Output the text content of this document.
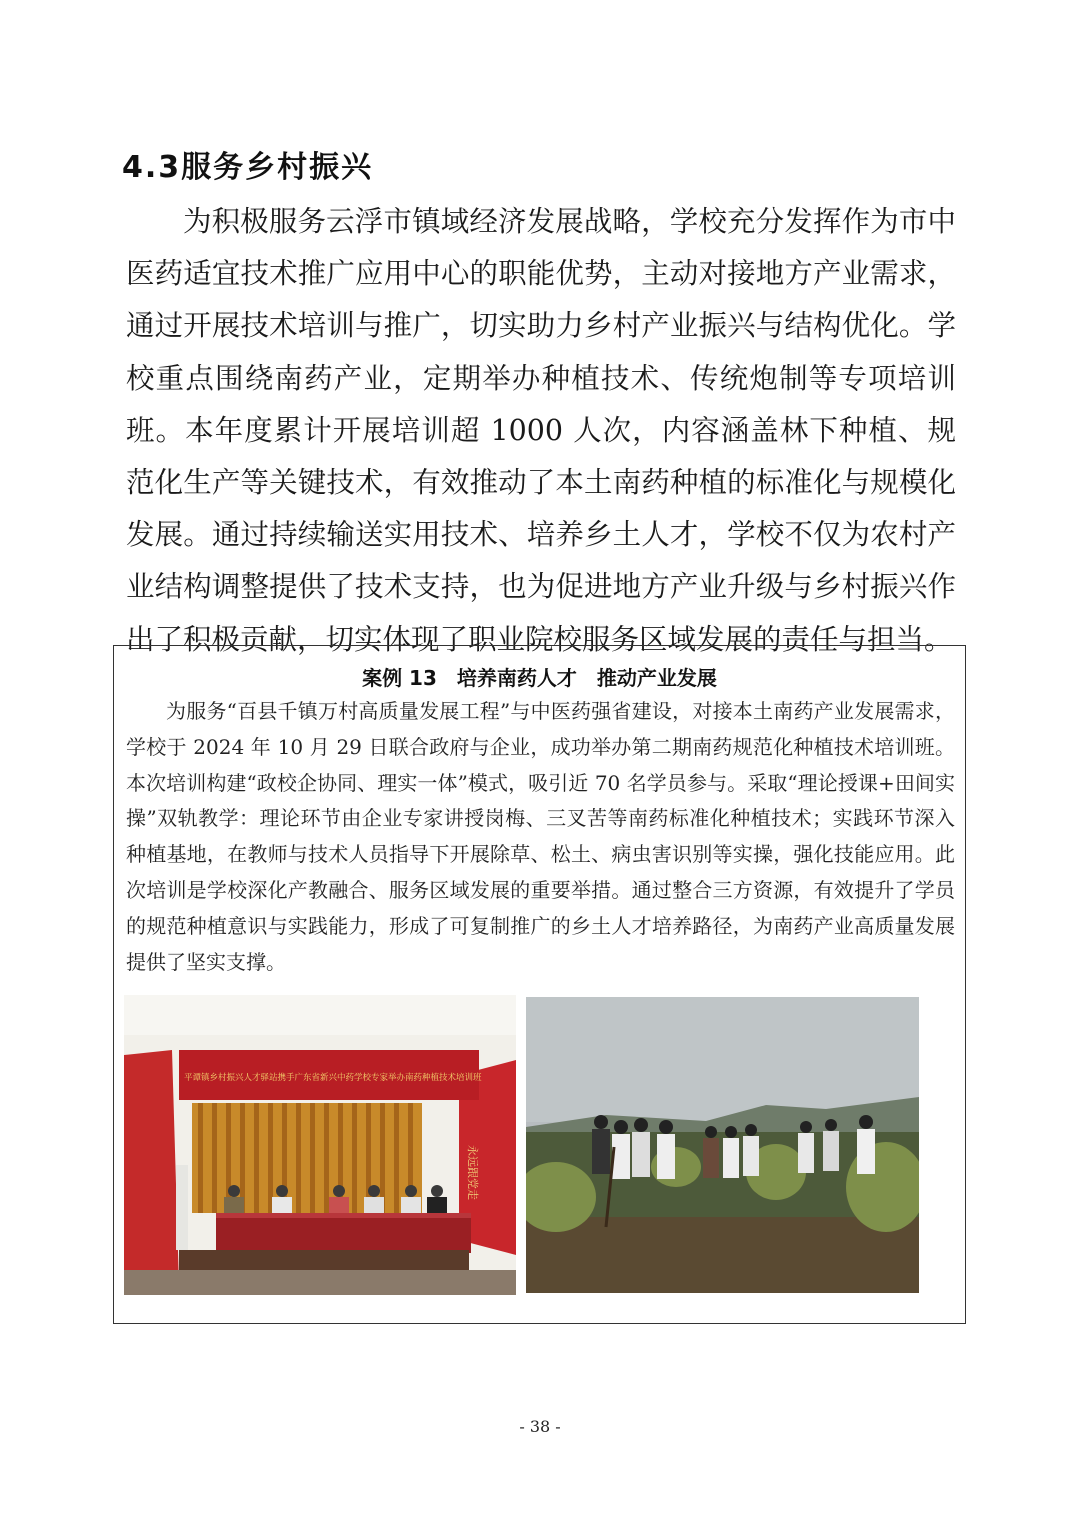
4.3服务乡村振兴

为积极服务云浮市镇域经济发展战略，学校充分发挥作为市中医药适宜技术推广应用中心的职能优势，主动对接地方产业需求，通过开展技术培训与推广，切实助力乡村产业振兴与结构优化。学校重点围绕南药产业，定期举办种植技术、传统炮制等专项培训班。本年度累计开展培训超 1000 人次，内容涵盖林下种植、规范化生产等关键技术，有效推动了本土南药种植的标准化与规模化发展。通过持续输送实用技术、培养乡土人才，学校不仅为农村产业结构调整提供了技术支持，也为促进地方产业升级与乡村振兴作出了积极贡献，切实体现了职业院校服务区域发展的责任与担当。

案例 13　培养南药人才　推动产业发展

为服务“百县千镇万村高质量发展工程”与中医药强省建设，对接本土南药产业发展需求，学校于 2024 年 10 月 29 日联合政府与企业，成功举办第二期南药规范化种植技术培训班。本次培训构建“政校企协同、理实一体”模式，吸引近 70 名学员参与。采取“理论授课+田间实操”双轨教学：理论环节由企业专家讲授岗梅、三叉苦等南药标准化种植技术；实践环节深入种植基地，在教师与技术人员指导下开展除草、松土、病虫害识别等实操，强化技能应用。此次培训是学校深化产教融合、服务区域发展的重要举措。通过整合三方资源，有效提升了学员的规范种植意识与实践能力，形成了可复制推广的乡土人才培养路径，为南药产业高质量发展提供了坚实支撑。

平谭镇乡村振兴人才驿站携手广东省新兴中药学校专家举办南药种植技术培训班
永远跟党走
- 38 -
